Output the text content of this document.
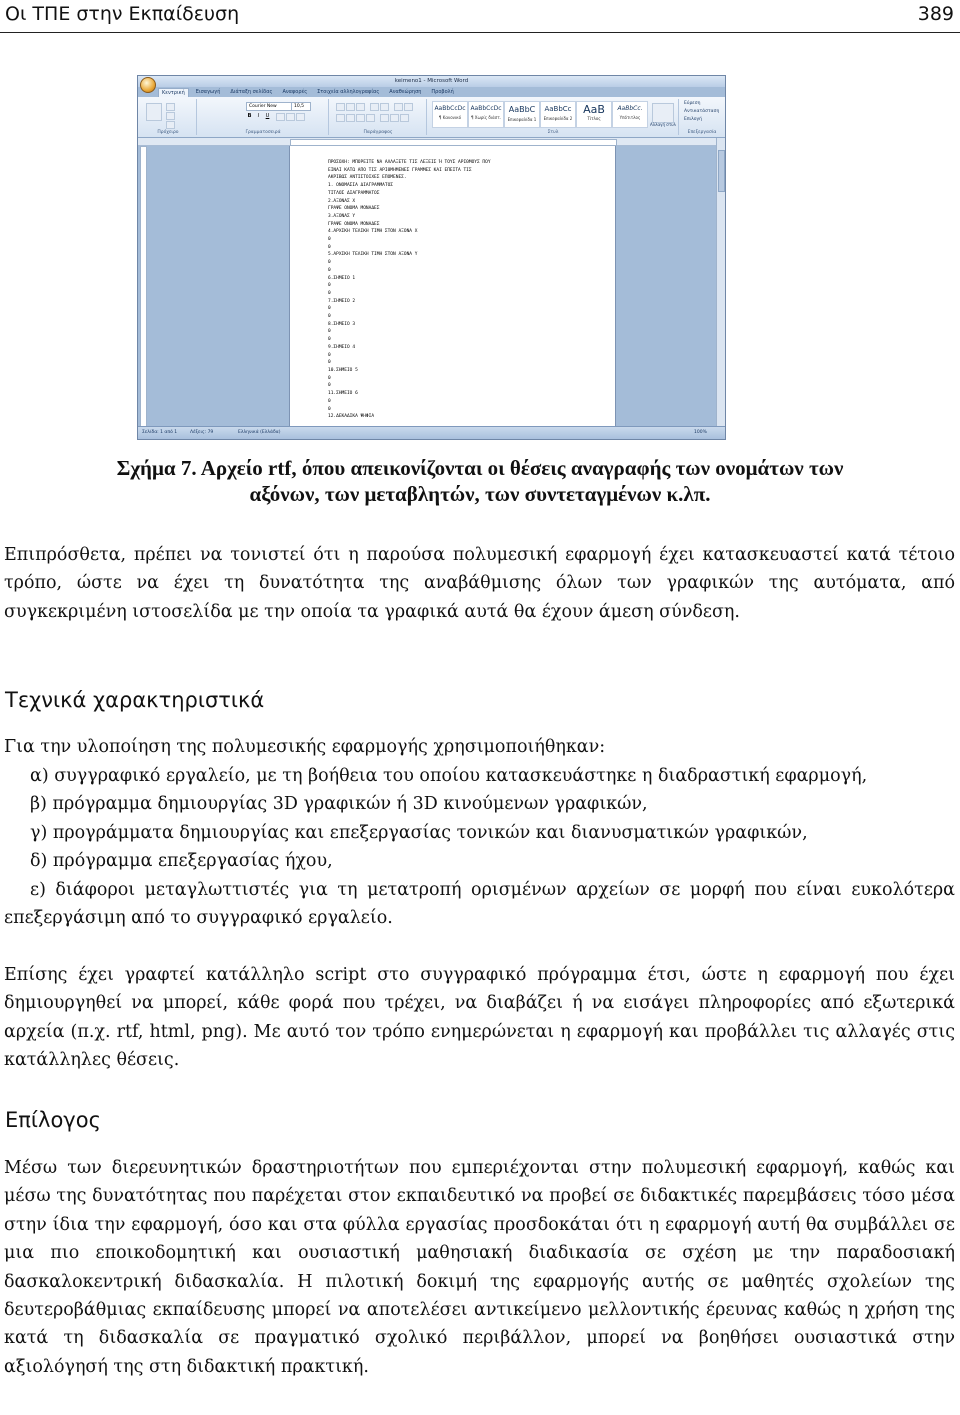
Οι ΤΠΕ στην Εκπαίδευση	389
keimeno1 - Microsoft Word
Κεντρική	Εισαγωγή	Διάταξη σελίδας	Αναφορές	Στοιχεία αλληλογραφίας	Αναθεώρηση	Προβολή
Πρόχειρο
Courier New	10,5
B	I	U
Γραμματοσειρά	Παράγραφος
AaBbCcDc
¶ Κανονικό
AaBbCcDc
¶ Χωρίς διάστ.
AaBbC
Επικεφαλίδα 1
AaBbCc
Επικεφαλίδα 2
AaB
Τίτλος
AaBbCc.
Υπότιτλος
Αλλαγή στυλ
Στυλ
Εύρεση
Αντικατάσταση
Επιλογή
Επεξεργασία
ΠΡΟΣΟΧΗ: ΜΠΟΡΕΙΤΕ ΝΑ ΑΛΛΑΞΕΤΕ ΤΙΣ ΛΕΞΕΙΣ Ή ΤΟΥΣ ΑΡΙΘΜΟΥΣ ΠΟΥ
ΕΙΝΑΙ ΚΑΤΩ ΑΠΟ ΤΙΣ ΑΡΙΘΜΗΜΕΝΕΣ ΓΡΑΜΜΕΣ ΚΑΙ ΕΠΕΙΤΑ ΤΙΣ
ΑΚΡΙΒΩΣ ΑΝΤΙΣΤΟΙΧΕΣ ΕΠΟΜΕΝΕΣ.
1. ΟΝΟΜΑΣΙΑ ΔΙΑΓΡΑΜΜΑΤΟΣ
ΤΙΤΛΟΣ ΔΙΑΓΡΑΜΜΑΤΟΣ
2.ΑΞΟΝΑΣ Χ
ΓΡΑΨΕ ΟΝΟΜΑ ΜΟΝΑΔΕΣ
3.ΑΞΟΝΑΣ Υ
ΓΡΑΨΕ ΟΝΟΜΑ ΜΟΝΑΔΕΣ
4.ΑΡΧΙΚΗ ΤΕΛΙΚΗ ΤΙΜΗ ΣΤΟΝ ΑΞΟΝΑ Χ
0
0
5.ΑΡΧΙΚΗ ΤΕΛΙΚΗ ΤΙΜΗ ΣΤΟΝ ΑΞΟΝΑ Υ
0
0
6.ΣΗΜΕΙΟ 1
0
0
7.ΣΗΜΕΙΟ 2
0
0
8.ΣΗΜΕΙΟ 3
0
0
9.ΣΗΜΕΙΟ 4
0
0
10.ΣΗΜΕΙΟ 5
0
0
11.ΣΗΜΕΙΟ 6
0
0
12.ΔΕΚΑΔΙΚΑ ΨΗΦΙΑ
Σελίδα: 1 από 1	Λέξεις: 79	Ελληνικά (Ελλάδα)	100%

Σχήμα 7. Αρχείο rtf, όπου απεικονίζονται οι θέσεις αναγραφής των ονομάτων των
αξόνων, των μεταβλητών, των συντεταγμένων κ.λπ.

Επιπρόσθετα, πρέπει να τονιστεί ότι η παρούσα πολυμεσική εφαρμογή έχει κατασκευαστεί κατά τέτοιο τρόπο, ώστε να έχει τη δυνατότητα της αναβάθμισης όλων των γραφικών της αυτόματα, από συγκεκριμένη ιστοσελίδα με την οποία τα γραφικά αυτά θα έχουν άμεση σύνδεση.

Τεχνικά χαρακτηριστικά

Για την υλοποίηση της πολυμεσικής εφαρμογής χρησιμοποιήθηκαν:

α) συγγραφικό εργαλείο, με τη βοήθεια του οποίου κατασκευάστηκε η διαδραστική εφαρμογή,
β) πρόγραμμα δημιουργίας 3D γραφικών ή 3D κινούμενων γραφικών,
γ) προγράμματα δημιουργίας και επεξεργασίας τονικών και διανυσματικών γραφικών,
δ) πρόγραμμα επεξεργασίας ήχου,
ε) διάφοροι μεταγλωττιστές για τη μετατροπή ορισμένων αρχείων σε μορφή που είναι ευκολότερα επεξεργάσιμη από το συγγραφικό εργαλείο.

Επίσης έχει γραφτεί κατάλληλο script στο συγγραφικό πρόγραμμα έτσι, ώστε η εφαρμογή που έχει δημιουργηθεί να μπορεί, κάθε φορά που τρέχει, να διαβάζει ή να εισάγει πληροφορίες από εξωτερικά αρχεία (π.χ. rtf, html, png). Με αυτό τον τρόπο ενημερώνεται η εφαρμογή και προβάλλει τις αλλαγές στις κατάλληλες θέσεις.

Επίλογος

Μέσω των διερευνητικών δραστηριοτήτων που εμπεριέχονται στην πολυμεσική εφαρμογή, καθώς και μέσω της δυνατότητας που παρέχεται στον εκπαιδευτικό να προβεί σε διδακτικές παρεμβάσεις τόσο μέσα στην ίδια την εφαρμογή, όσο και στα φύλλα εργασίας προσδοκάται ότι η εφαρμογή αυτή θα συμβάλλει σε μια πιο εποικοδομητική και ουσιαστική μαθησιακή διαδικασία σε σχέση με την παραδοσιακή δασκαλοκεντρική διδασκαλία. Η πιλοτική δοκιμή της εφαρμογής αυτής σε μαθητές σχολείων της δευτεροβάθμιας εκπαίδευσης μπορεί να αποτελέσει αντικείμενο μελλοντικής έρευνας καθώς η χρήση της κατά τη διδασκαλία σε πραγματικό σχολικό περιβάλλον, μπορεί να βοηθήσει ουσιαστικά στην αξιολόγησή της στη διδακτική πρακτική.
